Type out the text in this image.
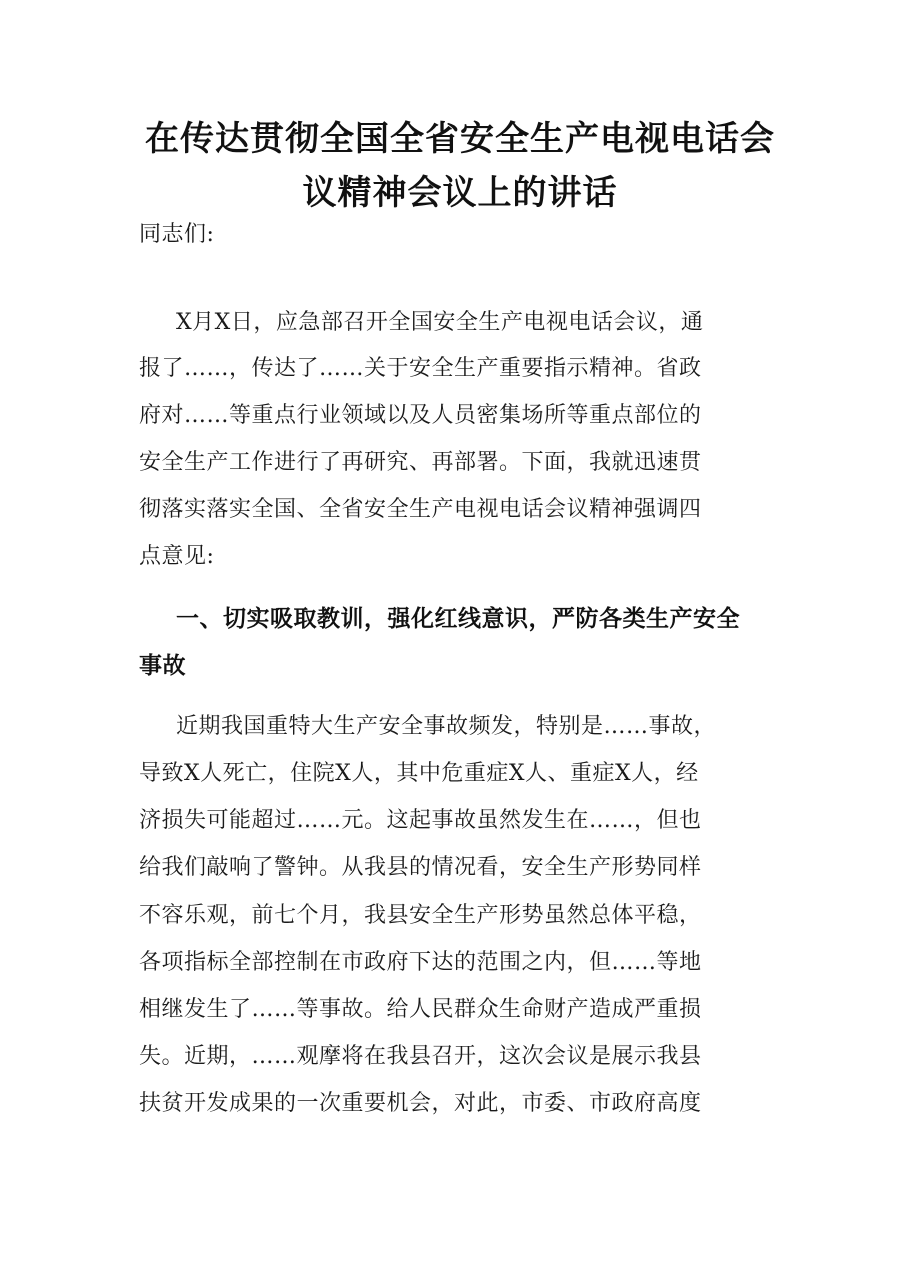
在传达贯彻全国全省安全生产电视电话会
议精神会议上的讲话
同志们:
X月X日，应急部召开全国安全生产电视电话会议，通
报了……，传达了……关于安全生产重要指示精神。省政
府对……等重点行业领域以及人员密集场所等重点部位的
安全生产工作进行了再研究、再部署。下面，我就迅速贯
彻落实落实全国、全省安全生产电视电话会议精神强调四
点意见:
一、切实吸取教训，强化红线意识，严防各类生产安全
事故
近期我国重特大生产安全事故频发，特别是……事故，
导致X人死亡，住院X人，其中危重症X人、重症X人，经
济损失可能超过……元。这起事故虽然发生在……，但也
给我们敲响了警钟。从我县的情况看，安全生产形势同样
不容乐观，前七个月，我县安全生产形势虽然总体平稳，
各项指标全部控制在市政府下达的范围之内，但……等地
相继发生了……等事故。给人民群众生命财产造成严重损
失。近期，……观摩将在我县召开，这次会议是展示我县
扶贫开发成果的一次重要机会，对此，市委、市政府高度
